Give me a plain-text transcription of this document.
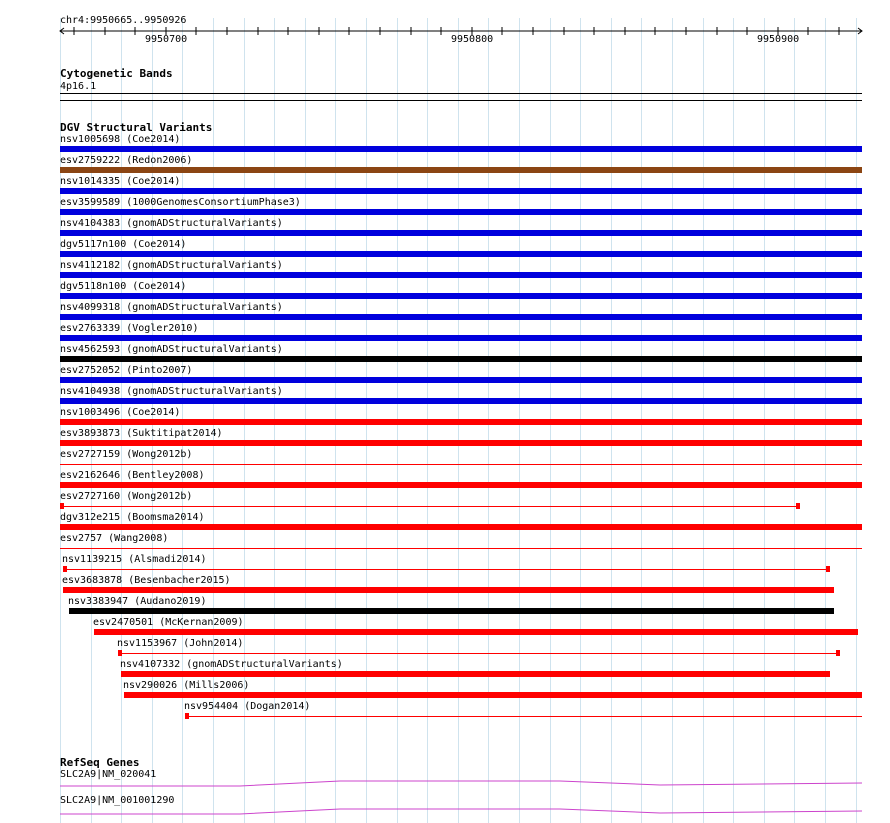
chr4:9950665..9950926
9950700	9950800	9950900
Cytogenetic Bands
4p16.1
DGV Structural Variants
nsv1005698 (Coe2014)
esv2759222 (Redon2006)
nsv1014335 (Coe2014)
esv3599589 (1000GenomesConsortiumPhase3)
nsv4104383 (gnomADStructuralVariants)
dgv5117n100 (Coe2014)
nsv4112182 (gnomADStructuralVariants)
dgv5118n100 (Coe2014)
nsv4099318 (gnomADStructuralVariants)
esv2763339 (Vogler2010)
nsv4562593 (gnomADStructuralVariants)
esv2752052 (Pinto2007)
nsv4104938 (gnomADStructuralVariants)
nsv1003496 (Coe2014)
esv3893873 (Suktitipat2014)
esv2727159 (Wong2012b)
esv2162646 (Bentley2008)
esv2727160 (Wong2012b)
dgv312e215 (Boomsma2014)
esv2757 (Wang2008)
nsv1139215 (Alsmadi2014)
esv3683878 (Besenbacher2015)
nsv3383947 (Audano2019)
esv2470501 (McKernan2009)
nsv1153967 (John2014)
nsv4107332 (gnomADStructuralVariants)
nsv290026 (Mills2006)
nsv954404 (Dogan2014)
RefSeq Genes
SLC2A9|NM_020041
SLC2A9|NM_001001290
